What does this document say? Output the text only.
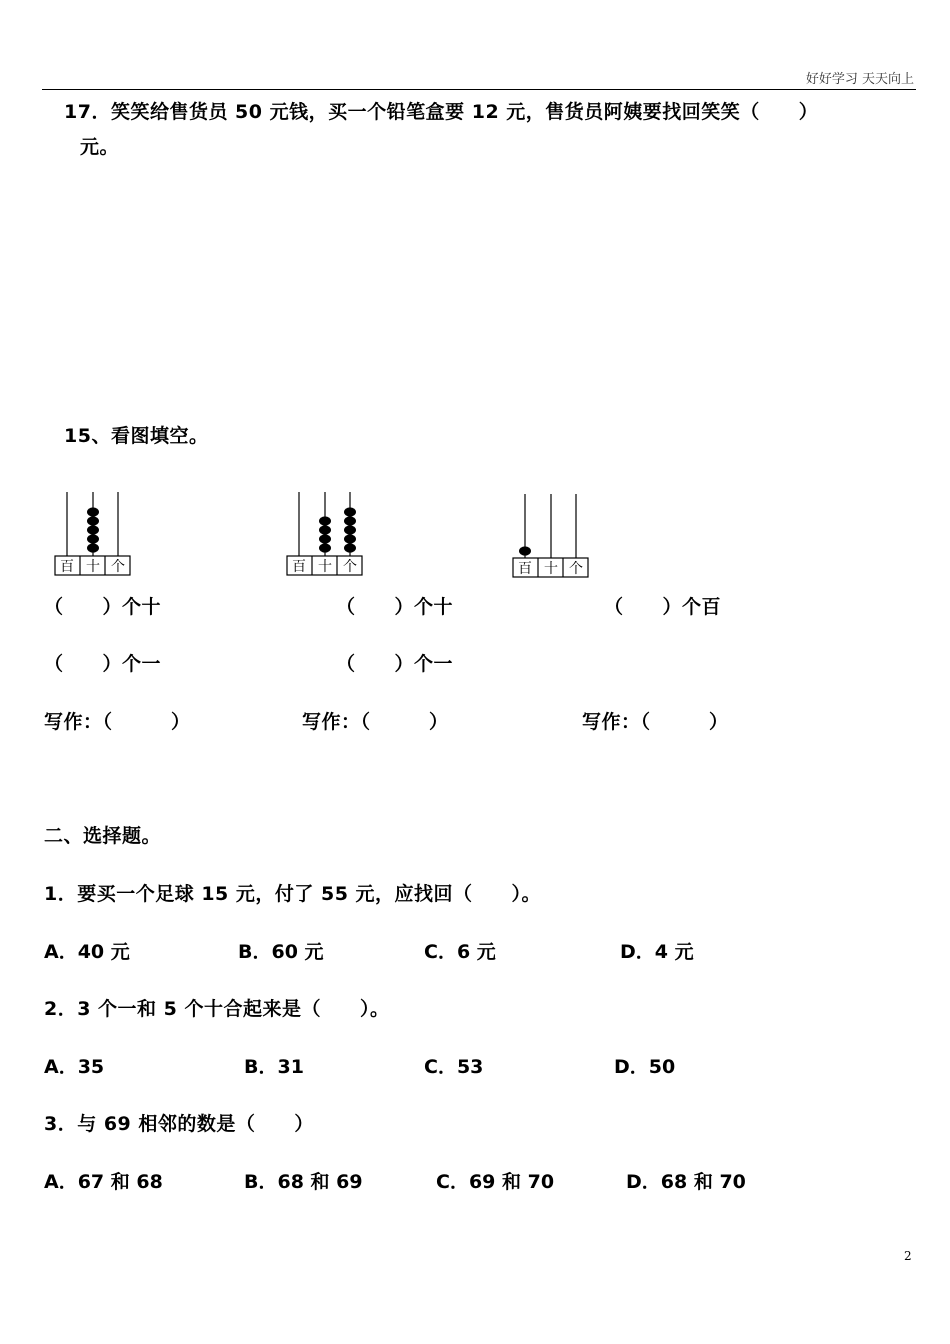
好好学习 天天向上
17．笑笑给售货员 50 元钱，买一个铅笔盒要 12 元，售货员阿姨要找回笑笑（　　）
元。
15、看图填空。
百 十 个	百 十 个	百 十 个
（　　）个十	（　　）个十	（　　）个百
（　　）个一	（　　）个一
写作：（　　　）	写作：（　　　）	写作：（　　　）
二、选择题。
1．要买一个足球 15 元，付了 55 元，应找回（　　）。
A．40 元	B．60 元	C．6 元	D．4 元
2．3 个一和 5 个十合起来是（　　）。
A．35	B．31	C．53	D．50
3．与 69 相邻的数是（　　）
A．67 和 68	B．68 和 69	C．69 和 70	D．68 和 70
2
